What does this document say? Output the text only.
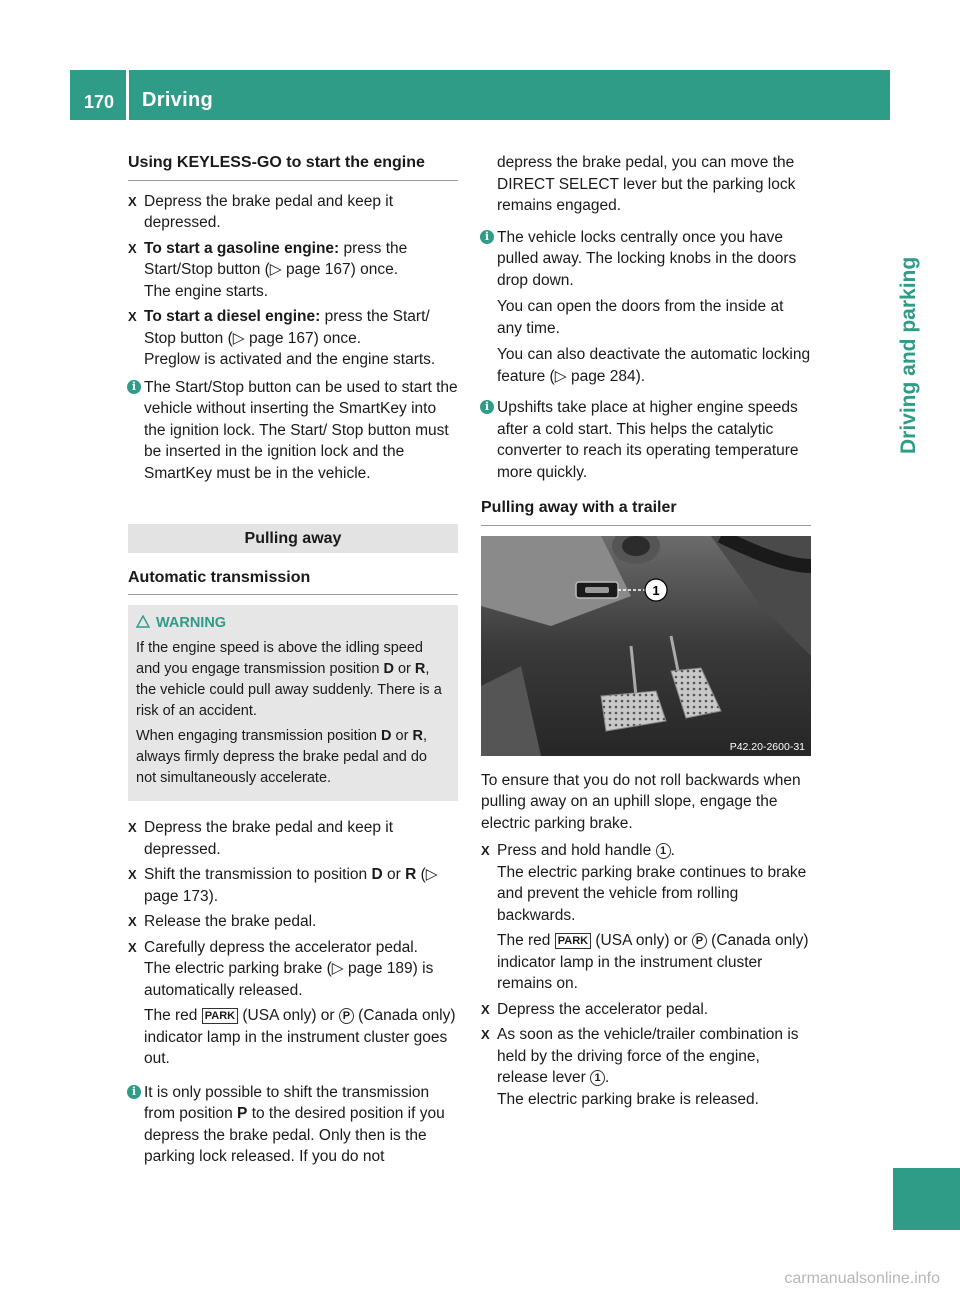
170 Driving
Driving and parking
Using KEYLESS-GO to start the engine
X Depress the brake pedal and keep it depressed.

X To start a gasoline engine: press the Start/Stop button (▷ page 167) once.

The engine starts.

X To start a diesel engine: press the Start/ Stop button (▷ page 167) once.

Preglow is activated and the engine starts.

i The Start/Stop button can be used to start the vehicle without inserting the SmartKey into the ignition lock. The Start/ Stop button must be inserted in the ignition lock and the SmartKey must be in the vehicle.

Pulling away
Automatic transmission
WARNING

If the engine speed is above the idling speed and you engage transmission position D or R, the vehicle could pull away suddenly. There is a risk of an accident.

When engaging transmission position D or R, always firmly depress the brake pedal and do not simultaneously accelerate.

X Depress the brake pedal and keep it depressed.

X Shift the transmission to position D or R (▷ page 173).

X Release the brake pedal.

X Carefully depress the accelerator pedal.

The electric parking brake (▷ page 189) is automatically released.

The red PARK (USA only) or P (Canada only) indicator lamp in the instrument cluster goes out.

i It is only possible to shift the transmission from position P to the desired position if you depress the brake pedal. Only then is the parking lock released. If you do not

depress the brake pedal, you can move the DIRECT SELECT lever but the parking lock remains engaged.

i The vehicle locks centrally once you have pulled away. The locking knobs in the doors drop down.

You can open the doors from the inside at any time.

You can also deactivate the automatic locking feature (▷ page 284).

i Upshifts take place at higher engine speeds after a cold start. This helps the catalytic converter to reach its operating temperature more quickly.

Pulling away with a trailer
1
P42.20-2600-31

To ensure that you do not roll backwards when pulling away on an uphill slope, engage the electric parking brake.

X Press and hold handle 1 .

The electric parking brake continues to brake and prevent the vehicle from rolling backwards.

The red PARK (USA only) or P (Canada only) indicator lamp in the instrument cluster remains on.

X Depress the accelerator pedal.

X As soon as the vehicle/trailer combination is held by the driving force of the engine, release lever 1 .

The electric parking brake is released.

carmanualsonline.info
